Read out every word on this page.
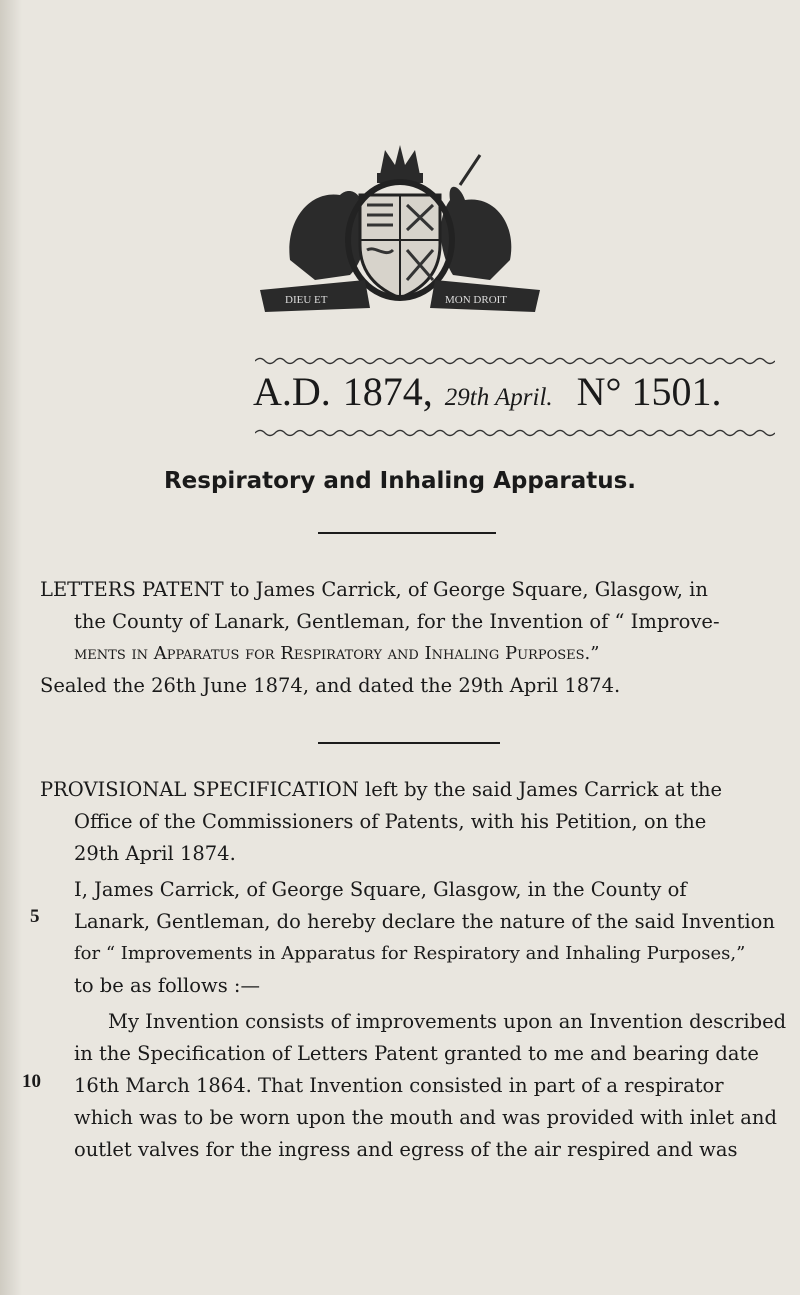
DIEU ET	MON DROIT
A.D. 1874, 29th April. N° 1501.
Respiratory and Inhaling Apparatus.
LETTERS PATENT to James Carrick, of George Square, Glasgow, in
the County of Lanark, Gentleman, for the Invention of “ Improve-
ments in Apparatus for Respiratory and Inhaling Purposes.”
Sealed the 26th June 1874, and dated the 29th April 1874.
PROVISIONAL SPECIFICATION left by the said James Carrick at the
Office of the Commissioners of Patents, with his Petition, on the
29th April 1874.
I, James Carrick, of George Square, Glasgow, in the County of
Lanark, Gentleman, do hereby declare the nature of the said Invention
for “ Improvements in Apparatus for Respiratory and Inhaling Purposes,”
to be as follows :—
My Invention consists of improvements upon an Invention described
in the Specification of Letters Patent granted to me and bearing date
16th March 1864. That Invention consisted in part of a respirator
which was to be worn upon the mouth and was provided with inlet and
outlet valves for the ingress and egress of the air respired and was
5
10
